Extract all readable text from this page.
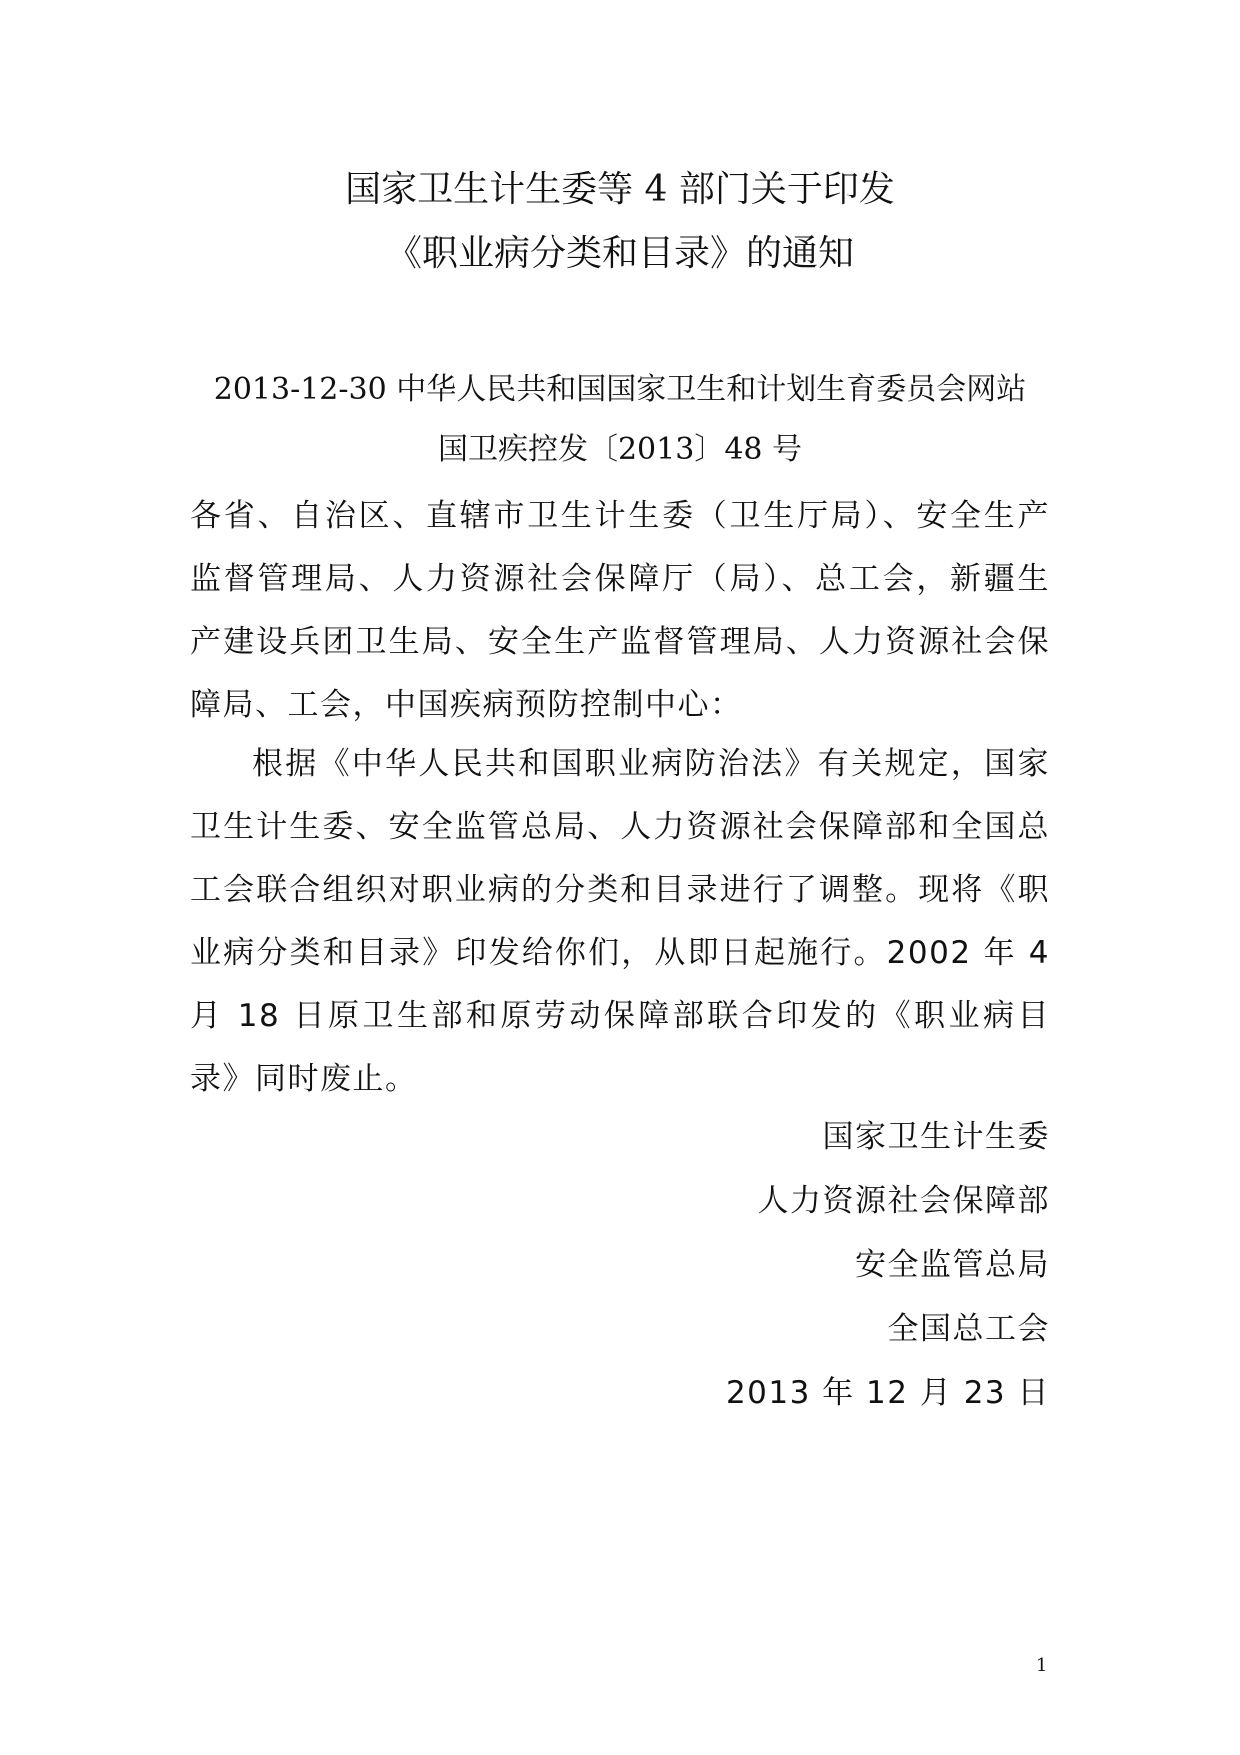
国家卫生计生委等 4 部门关于印发
《职业病分类和目录》的通知
2013-12-30 中华人民共和国国家卫生和计划生育委员会网站
国卫疾控发〔2013〕48 号
各省、自治区、直辖市卫生计生委（卫生厅局）、安全生产监督管理局、人力资源社会保障厅（局）、总工会，新疆生产建设兵团卫生局、安全生产监督管理局、人力资源社会保障局、工会，中国疾病预防控制中心：
根据《中华人民共和国职业病防治法》有关规定，国家卫生计生委、安全监管总局、人力资源社会保障部和全国总工会联合组织对职业病的分类和目录进行了调整。现将《职业病分类和目录》印发给你们，从即日起施行。2002 年 4 月 18 日原卫生部和原劳动保障部联合印发的《职业病目录》同时废止。
国家卫生计生委
人力资源社会保障部
安全监管总局
全国总工会
2013 年 12 月 23 日
1
